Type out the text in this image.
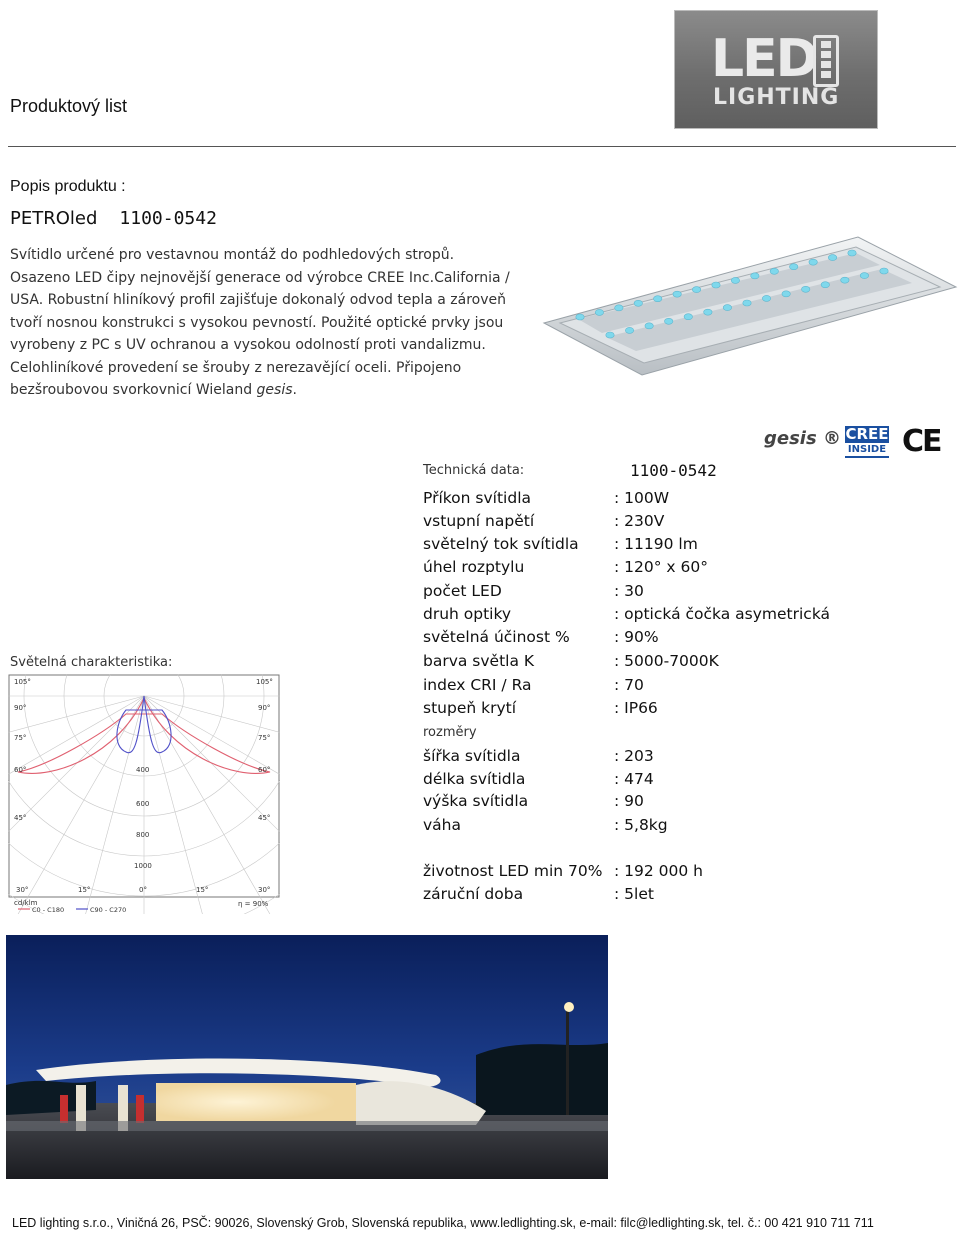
Produktový list
LED
LIGHTING
Popis produktu :
PETROled 1100-0542
Svítidlo určené pro vestavnou montáž do podhledových stropů.
Osazeno LED čipy nejnovější generace od výrobce CREE Inc.California /
USA. Robustní hliníkový profil zajišťuje dokonalý odvod tepla a zároveň
tvoří nosnou konstrukci s vysokou pevností. Použité optické prvky jsou
vyrobeny z PC s UV ochranou a vysokou odolností proti vandalizmu.
Celohliníkové provedení se šrouby z nerezavějící oceli. Připojeno
bezšroubovou svorkovnicí Wieland gesis.
gesis ® CREE
INSIDE CE
Technická data:	1100-0542
Příkon svítidla	: 100W
vstupní napětí	: 230V
světelný tok svítidla : 11190 lm
úhel rozptylu	: 120° x 60°
počet LED	: 30
druh optiky	: optická čočka asymetrická
světelná účinost %	: 90%
barva světla K	: 5000-7000K
index CRI / Ra	: 70
stupeň krytí	: IP66
rozměry
šířka svítidla	: 203
délka svítidla	: 474
výška svítidla	: 90
váha	: 5,8kg
životnost LED min 70% : 192 000 h
záruční doba	: 5let
Světelná charakteristika:
105°
90°
75°
60°
45°
105°
90°
75°
60°
45°
400
600
800
1000
30°	15°	0°	15°	30°
cd/klm	η = 90%
C0 - C180	C90 - C270
LED lighting s.r.o., Viničná 26, PSČ: 90026, Slovenský Grob, Slovenská republika, www.ledlighting.sk, e-mail: filc@ledlighting.sk, tel. č.: 00 421 910 711 711
